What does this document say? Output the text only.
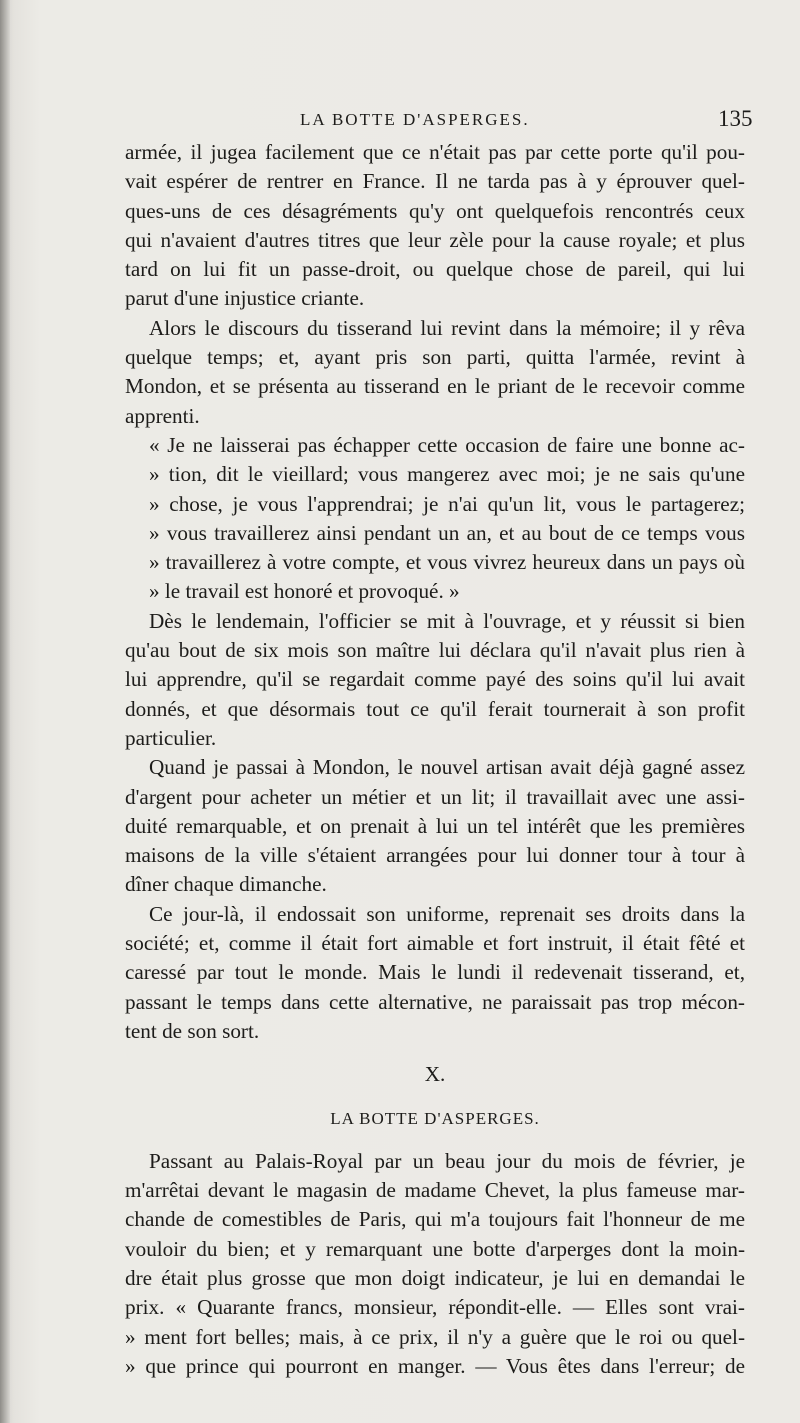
LA BOTTE D'ASPERGES.	135
armée, il jugea facilement que ce n'était pas par cette porte qu'il pou-
vait espérer de rentrer en France. Il ne tarda pas à y éprouver quel-
ques-uns de ces désagréments qu'y ont quelquefois rencontrés ceux
qui n'avaient d'autres titres que leur zèle pour la cause royale; et plus
tard on lui fit un passe-droit, ou quelque chose de pareil, qui lui
parut d'une injustice criante.
Alors le discours du tisserand lui revint dans la mémoire; il y rêva
quelque temps; et, ayant pris son parti, quitta l'armée, revint à
Mondon, et se présenta au tisserand en le priant de le recevoir comme
apprenti.
« Je ne laisserai pas échapper cette occasion de faire une bonne ac-
» tion, dit le vieillard; vous mangerez avec moi; je ne sais qu'une
» chose, je vous l'apprendrai; je n'ai qu'un lit, vous le partagerez;
» vous travaillerez ainsi pendant un an, et au bout de ce temps vous
» travaillerez à votre compte, et vous vivrez heureux dans un pays où
» le travail est honoré et provoqué. »
Dès le lendemain, l'officier se mit à l'ouvrage, et y réussit si bien
qu'au bout de six mois son maître lui déclara qu'il n'avait plus rien à
lui apprendre, qu'il se regardait comme payé des soins qu'il lui avait
donnés, et que désormais tout ce qu'il ferait tournerait à son profit
particulier.
Quand je passai à Mondon, le nouvel artisan avait déjà gagné assez
d'argent pour acheter un métier et un lit; il travaillait avec une assi-
duité remarquable, et on prenait à lui un tel intérêt que les premières
maisons de la ville s'étaient arrangées pour lui donner tour à tour à
dîner chaque dimanche.
Ce jour-là, il endossait son uniforme, reprenait ses droits dans la
société; et, comme il était fort aimable et fort instruit, il était fêté et
caressé par tout le monde. Mais le lundi il redevenait tisserand, et,
passant le temps dans cette alternative, ne paraissait pas trop mécon-
tent de son sort.
X.
LA BOTTE D'ASPERGES.
Passant au Palais-Royal par un beau jour du mois de février, je
m'arrêtai devant le magasin de madame Chevet, la plus fameuse mar-
chande de comestibles de Paris, qui m'a toujours fait l'honneur de me
vouloir du bien; et y remarquant une botte d'arperges dont la moin-
dre était plus grosse que mon doigt indicateur, je lui en demandai le
prix. « Quarante francs, monsieur, répondit-elle. — Elles sont vrai-
» ment fort belles; mais, à ce prix, il n'y a guère que le roi ou quel-
» que prince qui pourront en manger. — Vous êtes dans l'erreur; de
